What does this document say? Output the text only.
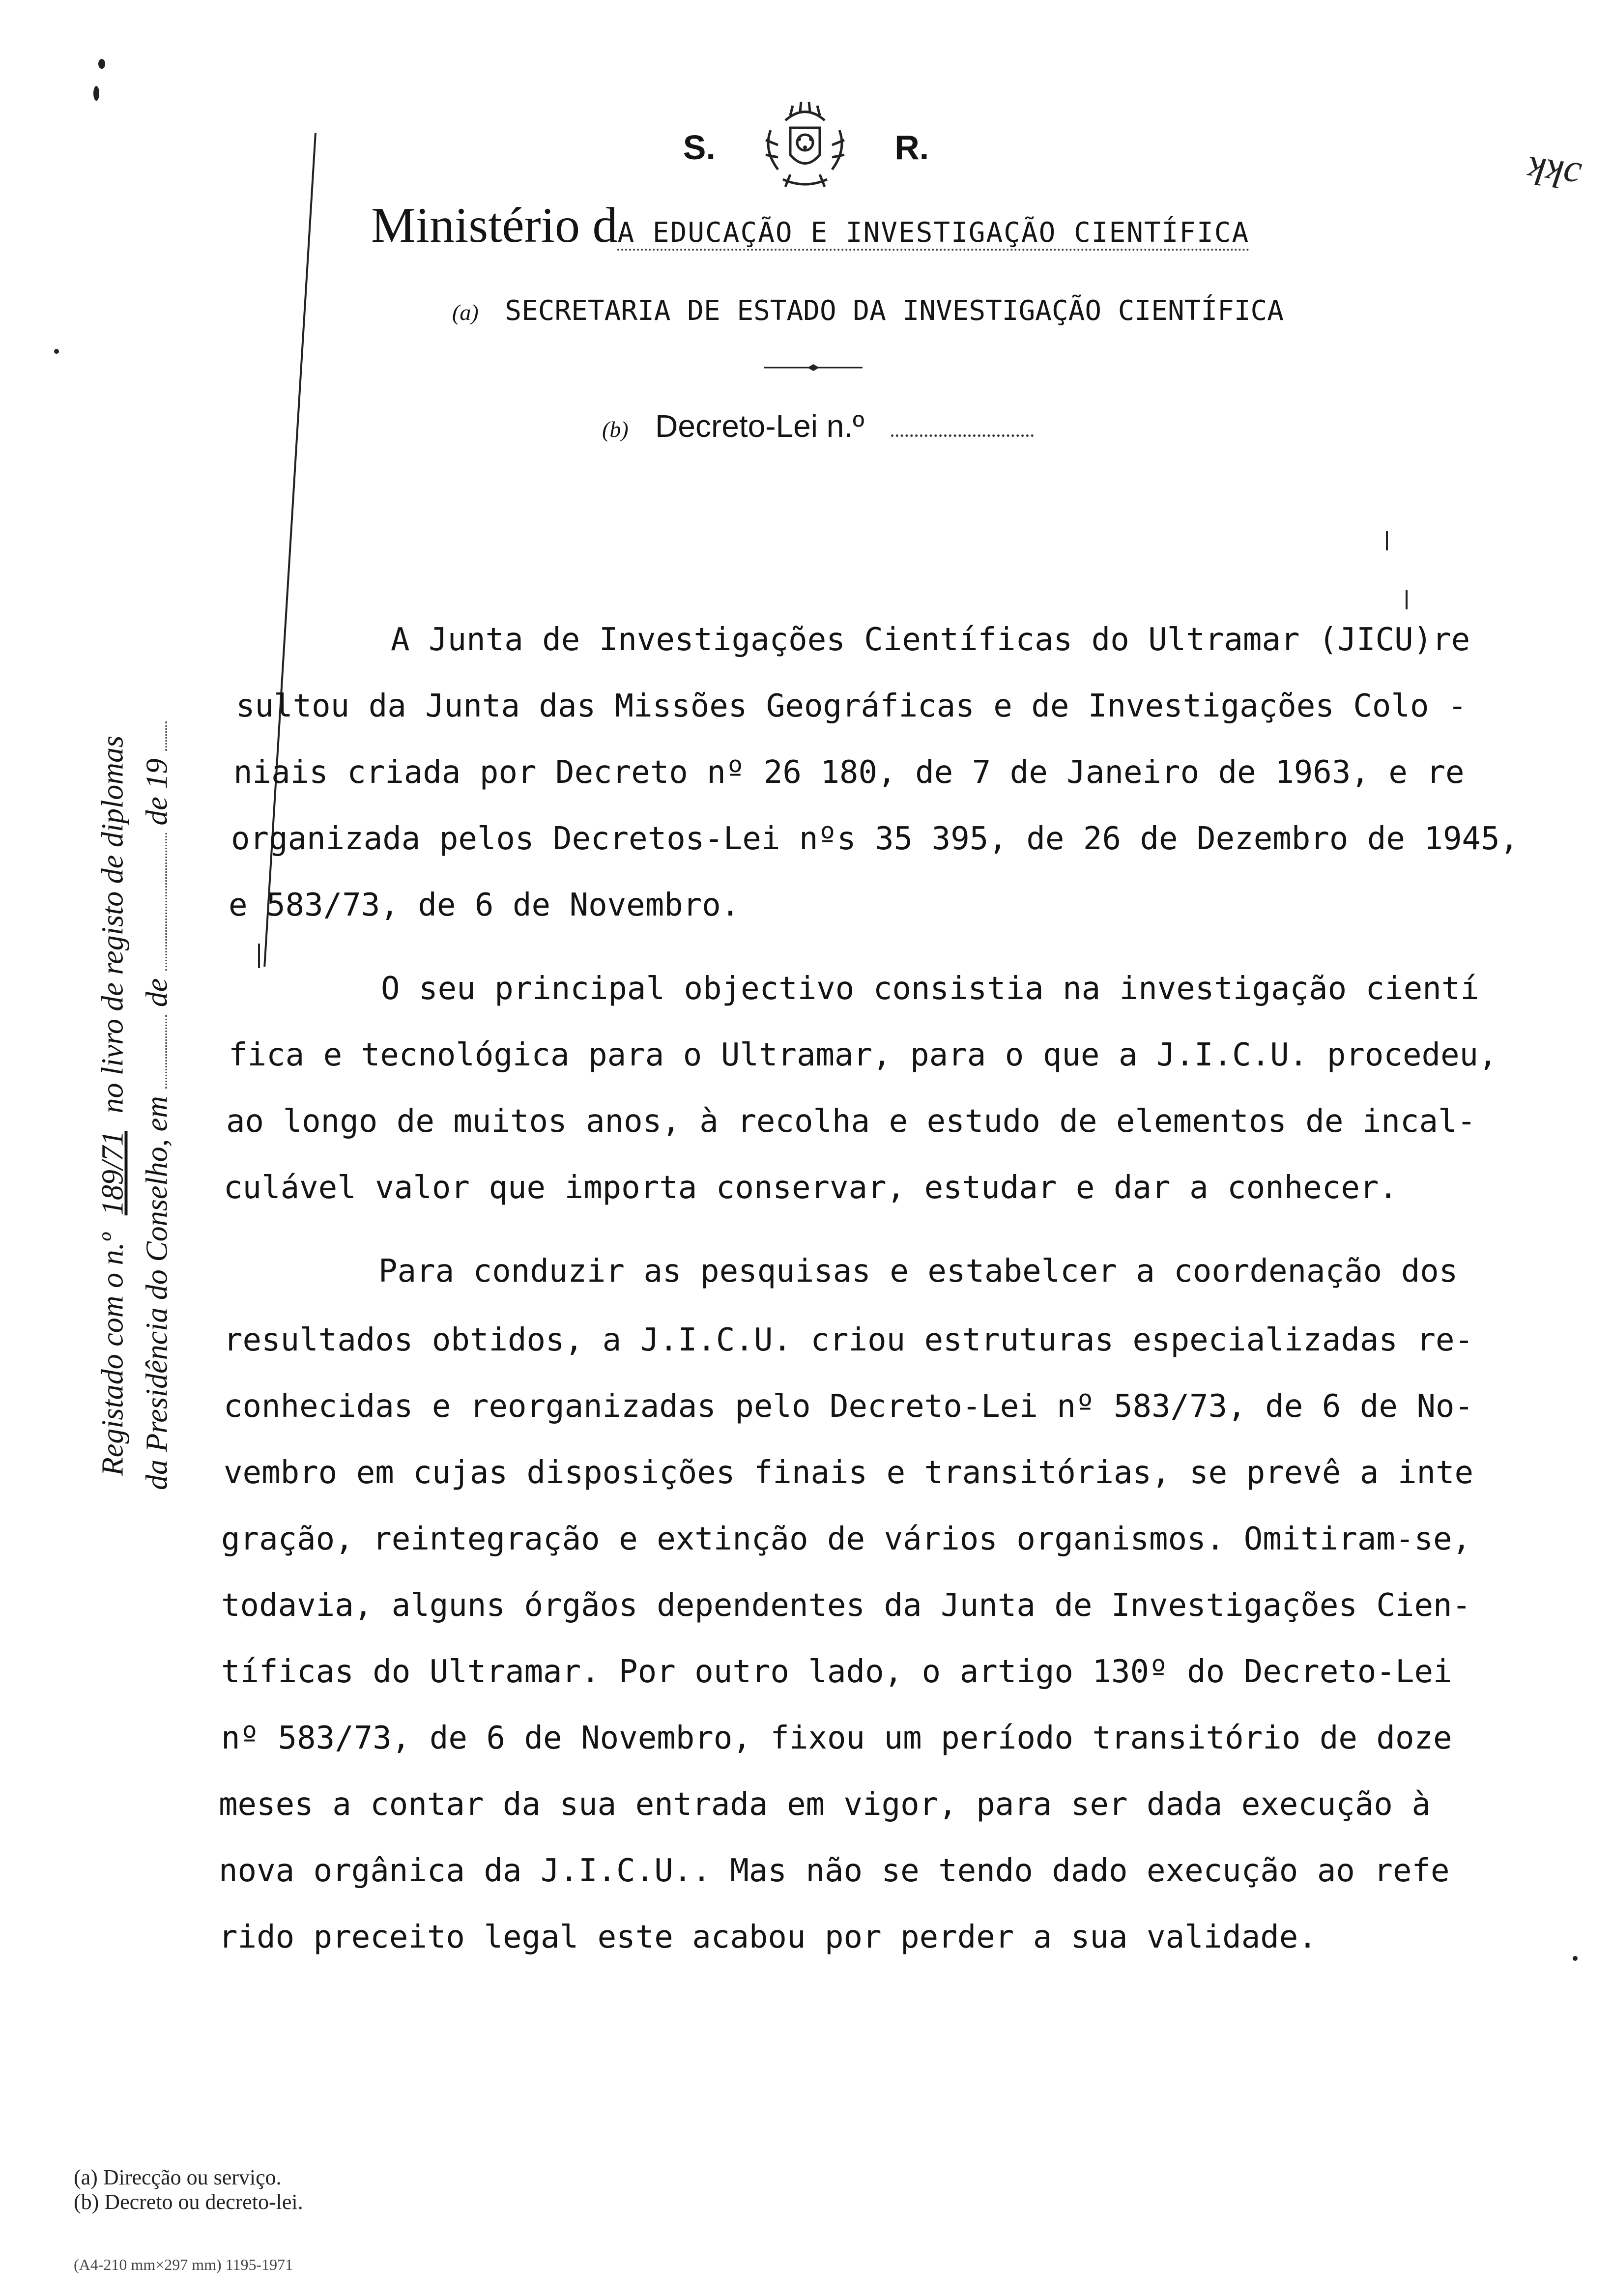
S.	R.
Ministério dA EDUCAÇÃO E INVESTIGAÇÃO CIENTÍFICA
(a) SECRETARIA DE ESTADO DA INVESTIGAÇÃO CIENTÍFICA
(b) Decreto-Lei n.º
ʞʞc
Registado com o n.º 189/71 no livro de registo de diplomas
da Presidência do Conselho, em  de  de 19
A Junta de Investigações Científicas do Ultramar (JICU)re
sultou da Junta das Missões Geográficas e de Investigações Colo -
niais criada por Decreto nº 26 180, de 7 de Janeiro de 1963, e re
organizada pelos Decretos-Lei nºs 35 395, de 26 de Dezembro de 1945,
e 583/73, de 6 de Novembro.
O seu principal objectivo consistia na investigação cientí
fica e tecnológica para o Ultramar, para o que a J.I.C.U. procedeu,
ao longo de muitos anos, à recolha e estudo de elementos de incal-
culável valor que importa conservar, estudar e dar a conhecer.
Para conduzir as pesquisas e estabelcer a coordenação dos
resultados obtidos, a J.I.C.U. criou estruturas especializadas re-
conhecidas e reorganizadas pelo Decreto-Lei nº 583/73, de 6 de No-
vembro em cujas disposições finais e transitórias, se prevê a inte
gração, reintegração e extinção de vários organismos. Omitiram-se,
todavia, alguns órgãos dependentes da Junta de Investigações Cien-
tíficas do Ultramar. Por outro lado, o artigo 130º do Decreto-Lei
nº 583/73, de 6 de Novembro, fixou um período transitório de doze
meses a contar da sua entrada em vigor, para ser dada execução à
nova orgânica da J.I.C.U.. Mas não se tendo dado execução ao refe
rido preceito legal este acabou por perder a sua validade.
(a) Direcção ou serviço.
(b) Decreto ou decreto-lei.
(A4-210 mm×297 mm) 1195-1971
